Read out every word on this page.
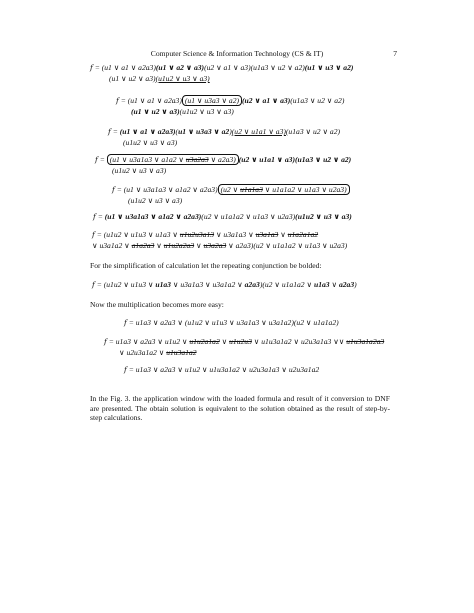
Computer Science & Information Technology (CS & IT)	7
𝑓 = (u1 ∨ a1 ∨ a2a3)(u1 ∨ a2 ∨ a3)(u2 ∨ a1 ∨ a3)(u1a3 ∨ u2 ∨ a2)(u1 ∨ u3 ∨ a2)
(u1 ∨ u2 ∨ a3)(u1u2 ∨ u3 ∨ a3)
𝑓 = (u1 ∨ a1 ∨ a2a3) (u1 ∨ u3a3 ∨ a2) (u2 ∨ a1 ∨ a3)(u1a3 ∨ u2 ∨ a2)
(u1 ∨ u2 ∨ a3)(u1u2 ∨ u3 ∨ a3)
𝑓 = (u1 ∨ a1 ∨ a2a3)(u1 ∨ u3a3 ∨ a2)(u2 ∨ u1a1 ∨ a3)(u1a3 ∨ u2 ∨ a2)
(u1u2 ∨ u3 ∨ a3)
𝑓 = (u1 ∨ u3a1a3 ∨ a1a2 ∨ u3a2a3 ∨ a2a3) (u2 ∨ u1a1 ∨ a3)(u1a3 ∨ u2 ∨ a2)
(u1u2 ∨ u3 ∨ a3)
𝑓 = (u1 ∨ u3a1a3 ∨ a1a2 ∨ a2a3) (u2 ∨ u1a1a3 ∨ u1a1a2 ∨ u1a3 ∨ u2a3)
(u1u2 ∨ u3 ∨ a3)
𝑓 = (u1 ∨ u3a1a3 ∨ a1a2 ∨ a2a3)(u2 ∨ u1a1a2 ∨ u1a3 ∨ u2a3)(u1u2 ∨ u3 ∨ a3)
𝑓 = (u1u2 ∨ u1u3 ∨ u1a3 ∨ u1u2u3a13 ∨ u3a1a3 ∨ u3a1a3 ∨ u1a2a1a2
∨ u3a1a2 ∨ a1a2a3 ∨ u1u2a2a3 ∨ u3a2a3 ∨ a2a3)(u2 ∨ u1a1a2 ∨ u1a3 ∨ u2a3)
For the simplification of calculation let the repeating conjunction be bolded:
𝑓 = (u1u2 ∨ u1u3 ∨ u1a3 ∨ u3a1a3 ∨ u3a1a2 ∨ a2a3)(u2 ∨ u1a1a2 ∨ u1a3 ∨ a2a3)
Now the multiplication becomes more easy:
𝑓 = u1a3 ∨ a2a3 ∨ (u1u2 ∨ u1u3 ∨ u3a1a3 ∨ u3a1a2)(u2 ∨ u1a1a2)
𝑓 = u1a3 ∨ a2a3 ∨ u1u2 ∨ u1u2a1a2 ∨ u1u2u3 ∨ u1u3a1a2 ∨ u2u3a1a3 ∨∨ u1u3a1a2a3
∨ u2u3a1a2 ∨ u1u3a1a2
𝑓 = u1a3 ∨ a2a3 ∨ u1u2 ∨ u1u3a1a2 ∨ u2u3a1a3 ∨ u2u3a1a2
In the Fig. 3. the application window with the loaded formula and result of it conversion to DNF are presented. The obtain solution is equivalent to the solution obtained as the result of step-by-step calculations.
